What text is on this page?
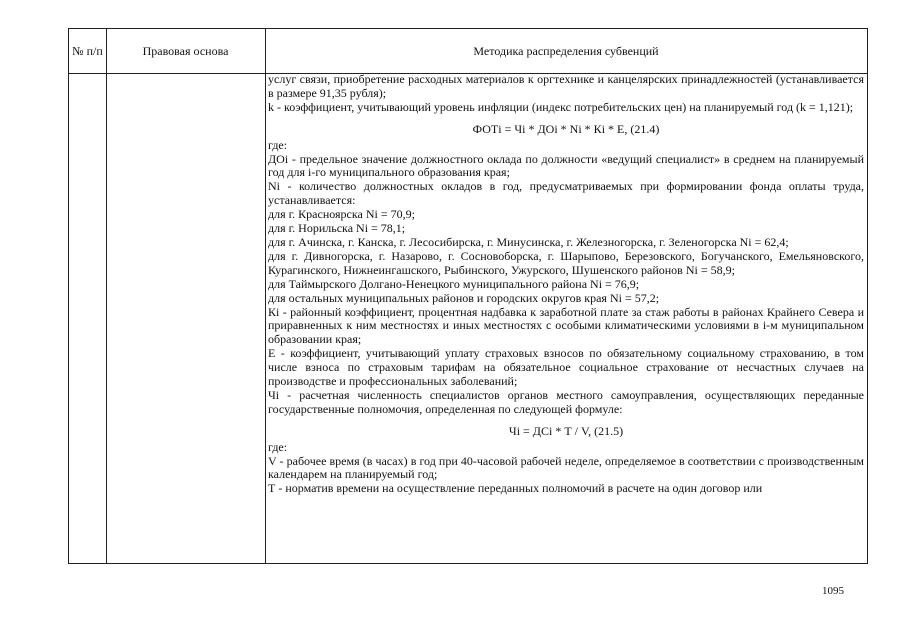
№ п/п	Правовая основа	Методика распределения субвенций

услуг связи, приобретение расходных материалов к оргтехнике и канцелярских принадлежностей (устанавливается в размере 91,35 рубля);

k - коэффициент, учитывающий уровень инфляции (индекс потребительских цен) на планируемый год (k = 1,121);

ФОТi = Чi * ДОi * Ni * Кi * Е, (21.4)

где:

ДОi - предельное значение должностного оклада по должности «ведущий специалист» в среднем на планируемый год для i-го муниципального образования края;

Ni - количество должностных окладов в год, предусматриваемых при формировании фонда оплаты труда, устанавливается:

для г. Красноярска Ni = 70,9;

для г. Норильска Ni = 78,1;

для г. Ачинска, г. Канска, г. Лесосибирска, г. Минусинска, г. Железногорска, г. Зеленогорска Ni = 62,4;

для г. Дивногорска, г. Назарово, г. Сосновоборска, г. Шарыпово, Березовского, Богучанского, Емельяновского, Курагинского, Нижнеингашского, Рыбинского, Ужурского, Шушенского районов Ni = 58,9;

для Таймырского Долгано-Ненецкого муниципального района Ni = 76,9;

для остальных муниципальных районов и городских округов края Ni = 57,2;

Кi - районный коэффициент, процентная надбавка к заработной плате за стаж работы в районах Крайнего Севера и приравненных к ним местностях и иных местностях с особыми климатическими условиями в i-м муниципальном образовании края;

Е - коэффициент, учитывающий уплату страховых взносов по обязательному социальному страхованию, в том числе взноса по страховым тарифам на обязательное социальное страхование от несчастных случаев на производстве и профессиональных заболеваний;

Чi - расчетная численность специалистов органов местного самоуправления, осуществляющих переданные государственные полномочия, определенная по следующей формуле:

Чi = ДСi * Т / V, (21.5)

где:

V - рабочее время (в часах) в год при 40-часовой рабочей неделе, определяемое в соответствии с производственным календарем на планируемый год;

Т - норматив времени на осуществление переданных полномочий в расчете на один договор или

1095
